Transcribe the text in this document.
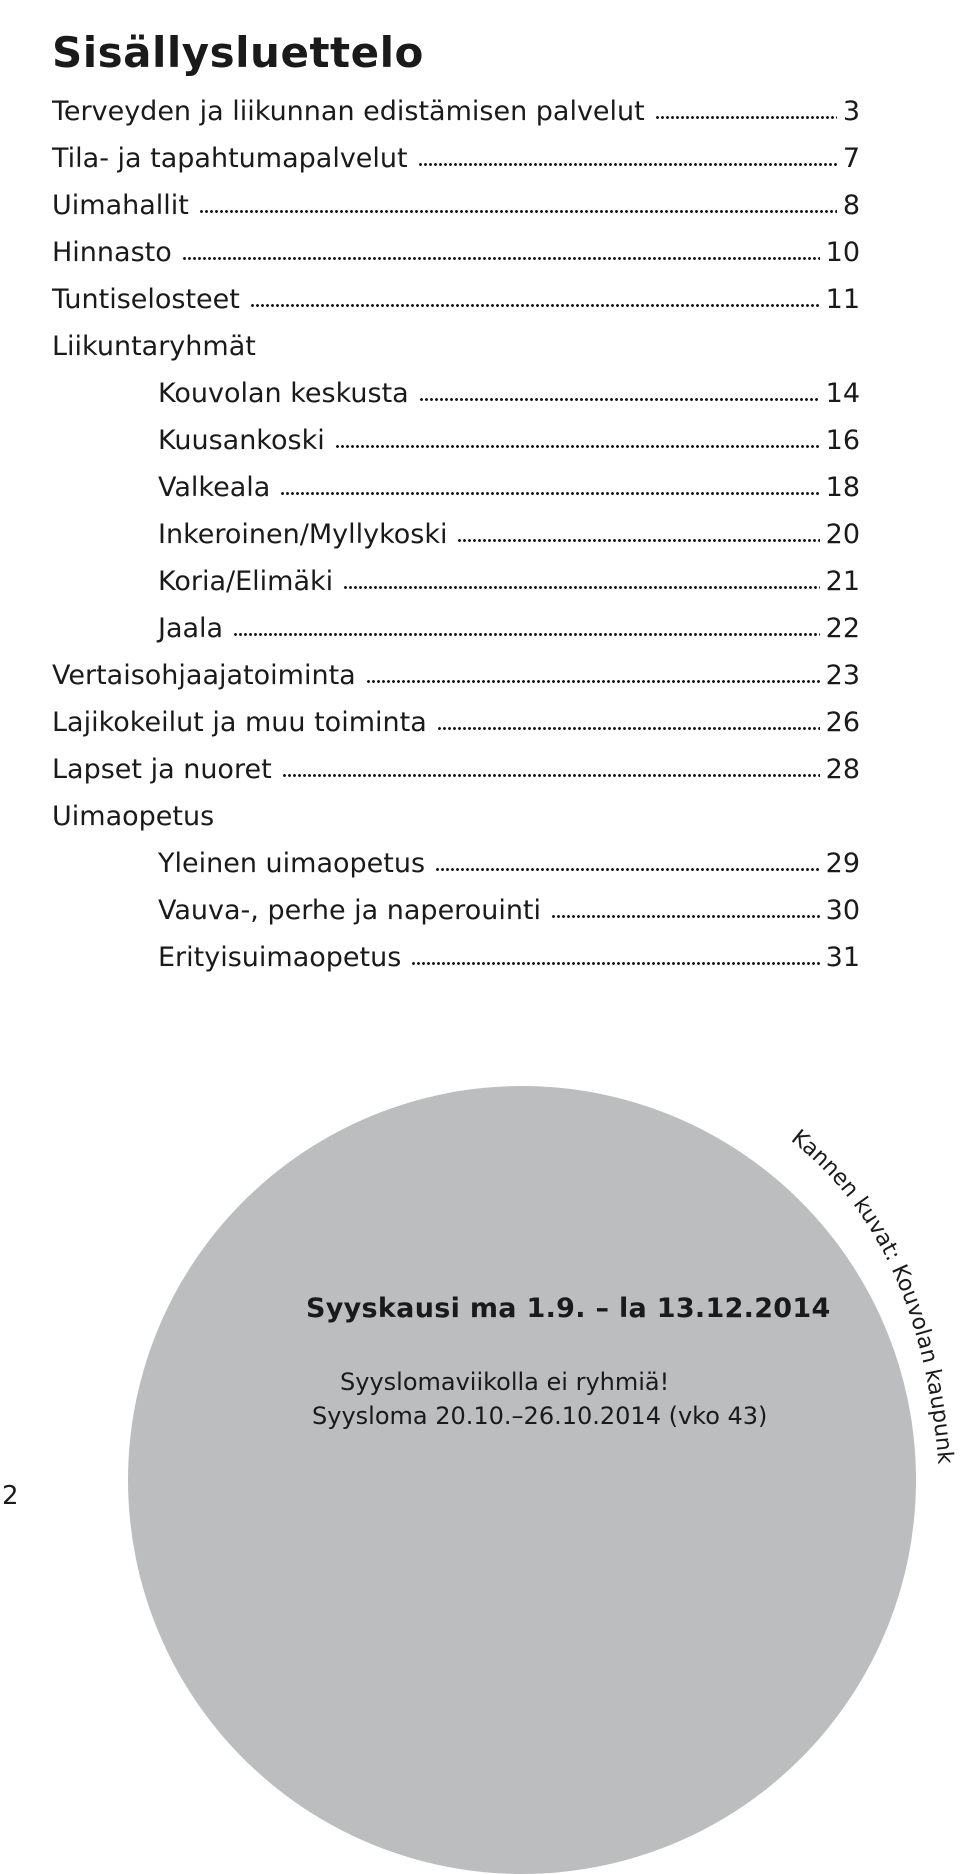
Sisällysluettelo
Terveyden ja liikunnan edistämisen palvelut	3
Tila- ja tapahtumapalvelut	7
Uimahallit	8
Hinnasto	10
Tuntiselosteet	11
Liikuntaryhmät
Kouvolan keskusta	14
Kuusankoski	16
Valkeala	18
Inkeroinen/Myllykoski	20
Koria/Elimäki	21
Jaala	22
Vertaisohjaajatoiminta	23
Lajikokeilut ja muu toiminta	26
Lapset ja nuoret	28
Uimaopetus
Yleinen uimaopetus	29
Vauva-, perhe ja naperouinti	30
Erityisuimaopetus	31
Syyskausi ma 1.9. – la 13.12.2014
Syyslomaviikolla ei ryhmiä!
Syysloma 20.10.–26.10.2014 (vko 43)
Kannen kuvat: Kouvolan kaupunki
2
